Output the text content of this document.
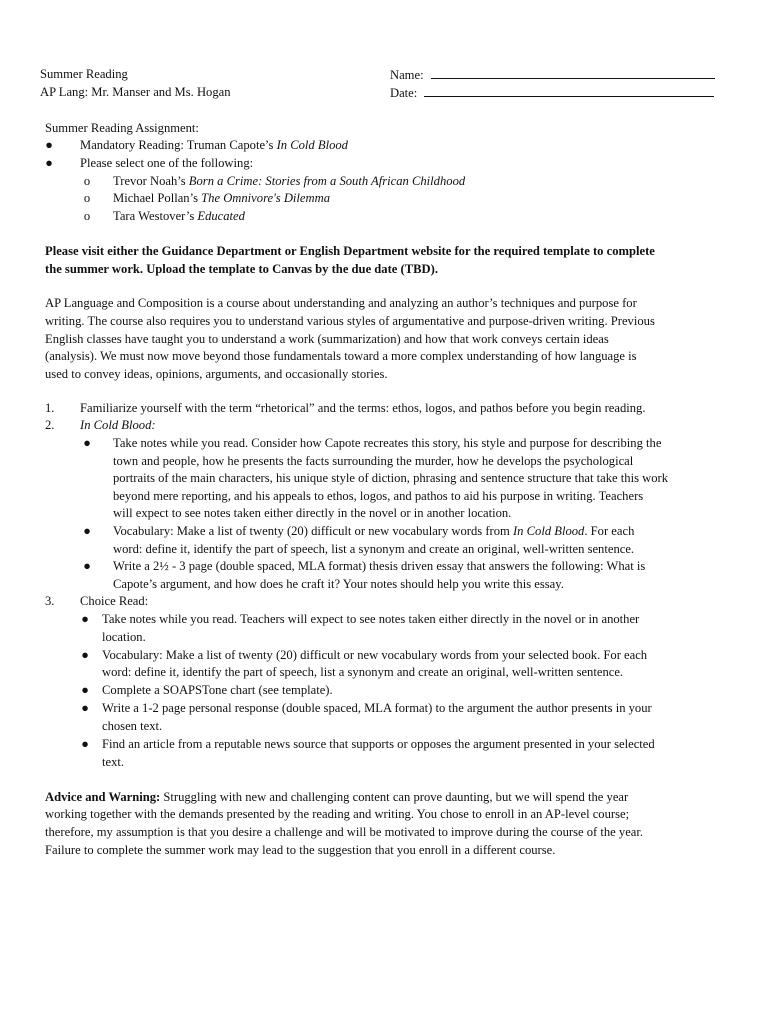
Summer Reading
AP Lang: Mr. Manser and Ms. Hogan
Name:
Date:
Summer Reading Assignment:
● Mandatory Reading: Truman Capote’s In Cold Blood
● Please select one of the following:
o	Trevor Noah’s Born a Crime: Stories from a South African Childhood
o	Michael Pollan’s The Omnivore's Dilemma
o	Tara Westover’s Educated
Please visit either the Guidance Department or English Department website for the required template to complete
the summer work. Upload the template to Canvas by the due date (TBD).
AP Language and Composition is a course about understanding and analyzing an author’s techniques and purpose for
writing. The course also requires you to understand various styles of argumentative and purpose-driven writing. Previous
English classes have taught you to understand a work (summarization) and how that work conveys certain ideas
(analysis). We must now move beyond those fundamentals toward a more complex understanding of how language is
used to convey ideas, opinions, arguments, and occasionally stories.
1. Familiarize yourself with the term “rhetorical” and the terms: ethos, logos, and pathos before you begin reading.
2. In Cold Blood:
● Take notes while you read. Consider how Capote recreates this story, his style and purpose for describing the
town and people, how he presents the facts surrounding the murder, how he develops the psychological
portraits of the main characters, his unique style of diction, phrasing and sentence structure that take this work
beyond mere reporting, and his appeals to ethos, logos, and pathos to aid his purpose in writing. Teachers
will expect to see notes taken either directly in the novel or in another location.
● Vocabulary: Make a list of twenty (20) difficult or new vocabulary words from In Cold Blood. For each
word: define it, identify the part of speech, list a synonym and create an original, well-written sentence.
● Write a 2½ - 3 page (double spaced, MLA format) thesis driven essay that answers the following: What is
Capote’s argument, and how does he craft it? Your notes should help you write this essay.
3. Choice Read:
● Take notes while you read. Teachers will expect to see notes taken either directly in the novel or in another
location.
● Vocabulary: Make a list of twenty (20) difficult or new vocabulary words from your selected book. For each
word: define it, identify the part of speech, list a synonym and create an original, well-written sentence.
● Complete a SOAPSTone chart (see template).
● Write a 1-2 page personal response (double spaced, MLA format) to the argument the author presents in your
chosen text.
● Find an article from a reputable news source that supports or opposes the argument presented in your selected
text.
Advice and Warning: Struggling with new and challenging content can prove daunting, but we will spend the year
working together with the demands presented by the reading and writing. You chose to enroll in an AP-level course;
therefore, my assumption is that you desire a challenge and will be motivated to improve during the course of the year.
Failure to complete the summer work may lead to the suggestion that you enroll in a different course.
